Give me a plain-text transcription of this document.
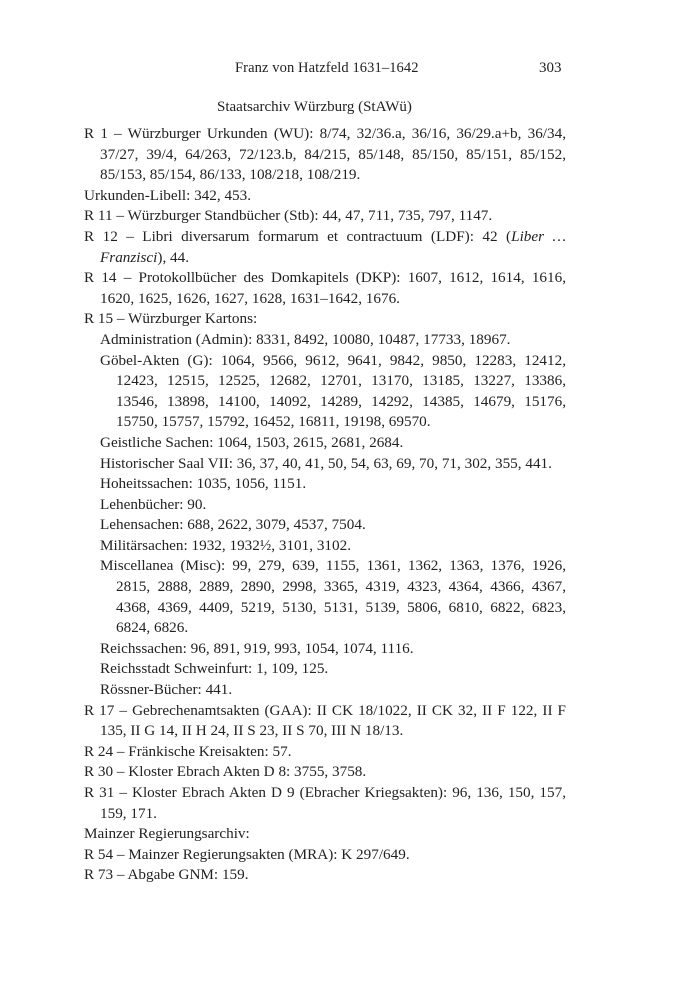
Franz von Hatzfeld 1631–1642	303
Staatsarchiv Würzburg (StAWü)

R 1 – Würzburger Urkunden (WU): 8/74, 32/36.a, 36/16, 36/29.a+b, 36/34, 37/27, 39/4, 64/263, 72/123.b, 84/215, 85/148, 85/150, 85/151, 85/152, 85/153, 85/154, 86/133, 108/218, 108/219.

Urkunden-Libell: 342, 453.

R 11 – Würzburger Standbücher (Stb): 44, 47, 711, 735, 797, 1147.

R 12 – Libri diversarum formarum et contractuum (LDF): 42 (Liber … Franzisci), 44.

R 14 – Protokollbücher des Domkapitels (DKP): 1607, 1612, 1614, 1616, 1620, 1625, 1626, 1627, 1628, 1631–1642, 1676.

R 15 – Würzburger Kartons:

Administration (Admin): 8331, 8492, 10080, 10487, 17733, 18967.

Göbel-Akten (G): 1064, 9566, 9612, 9641, 9842, 9850, 12283, 12412, 12423, 12515, 12525, 12682, 12701, 13170, 13185, 13227, 13386, 13546, 13898, 14100, 14092, 14289, 14292, 14385, 14679, 15176, 15750, 15757, 15792, 16452, 16811, 19198, 69570.

Geistliche Sachen: 1064, 1503, 2615, 2681, 2684.

Historischer Saal VII: 36, 37, 40, 41, 50, 54, 63, 69, 70, 71, 302, 355, 441.

Hoheitssachen: 1035, 1056, 1151.

Lehenbücher: 90.

Lehensachen: 688, 2622, 3079, 4537, 7504.

Militärsachen: 1932, 1932½, 3101, 3102.

Miscellanea (Misc): 99, 279, 639, 1155, 1361, 1362, 1363, 1376, 1926, 2815, 2888, 2889, 2890, 2998, 3365, 4319, 4323, 4364, 4366, 4367, 4368, 4369, 4409, 5219, 5130, 5131, 5139, 5806, 6810, 6822, 6823, 6824, 6826.

Reichssachen: 96, 891, 919, 993, 1054, 1074, 1116.

Reichsstadt Schweinfurt: 1, 109, 125.

Rössner-Bücher: 441.

R 17 – Gebrechenamtsakten (GAA): II CK 18/1022, II CK 32, II F 122, II F 135, II G 14, II H 24, II S 23, II S 70, III N 18/13.

R 24 – Fränkische Kreisakten: 57.

R 30 – Kloster Ebrach Akten D 8: 3755, 3758.

R 31 – Kloster Ebrach Akten D 9 (Ebracher Kriegsakten): 96, 136, 150, 157, 159, 171.

Mainzer Regierungsarchiv:

R 54 – Mainzer Regierungsakten (MRA): K 297/649.

R 73 – Abgabe GNM: 159.
